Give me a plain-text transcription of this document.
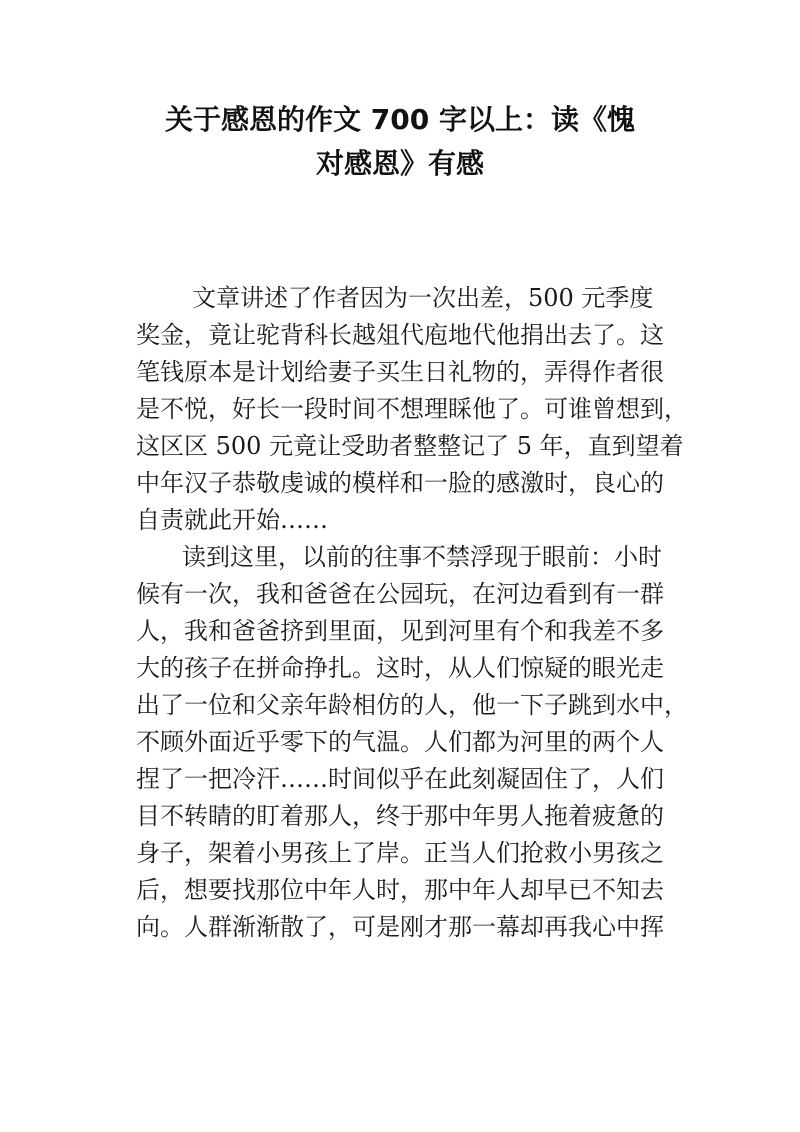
关于感恩的作文 700 字以上：读《愧
对感恩》有感
文章讲述了作者因为一次出差，500 元季度
奖金，竟让驼背科长越俎代庖地代他捐出去了。这
笔钱原本是计划给妻子买生日礼物的，弄得作者很
是不悦，好长一段时间不想理睬他了。可谁曾想到，
这区区 500 元竟让受助者整整记了 5 年，直到望着
中年汉子恭敬虔诚的模样和一脸的感激时，良心的
自责就此开始……
读到这里，以前的往事不禁浮现于眼前：小时
候有一次，我和爸爸在公园玩，在河边看到有一群
人，我和爸爸挤到里面，见到河里有个和我差不多
大的孩子在拼命挣扎。这时，从人们惊疑的眼光走
出了一位和父亲年龄相仿的人，他一下子跳到水中，
不顾外面近乎零下的气温。人们都为河里的两个人
捏了一把冷汗……时间似乎在此刻凝固住了，人们
目不转睛的盯着那人，终于那中年男人拖着疲惫的
身子，架着小男孩上了岸。正当人们抢救小男孩之
后，想要找那位中年人时，那中年人却早已不知去
向。人群渐渐散了，可是刚才那一幕却再我心中挥
